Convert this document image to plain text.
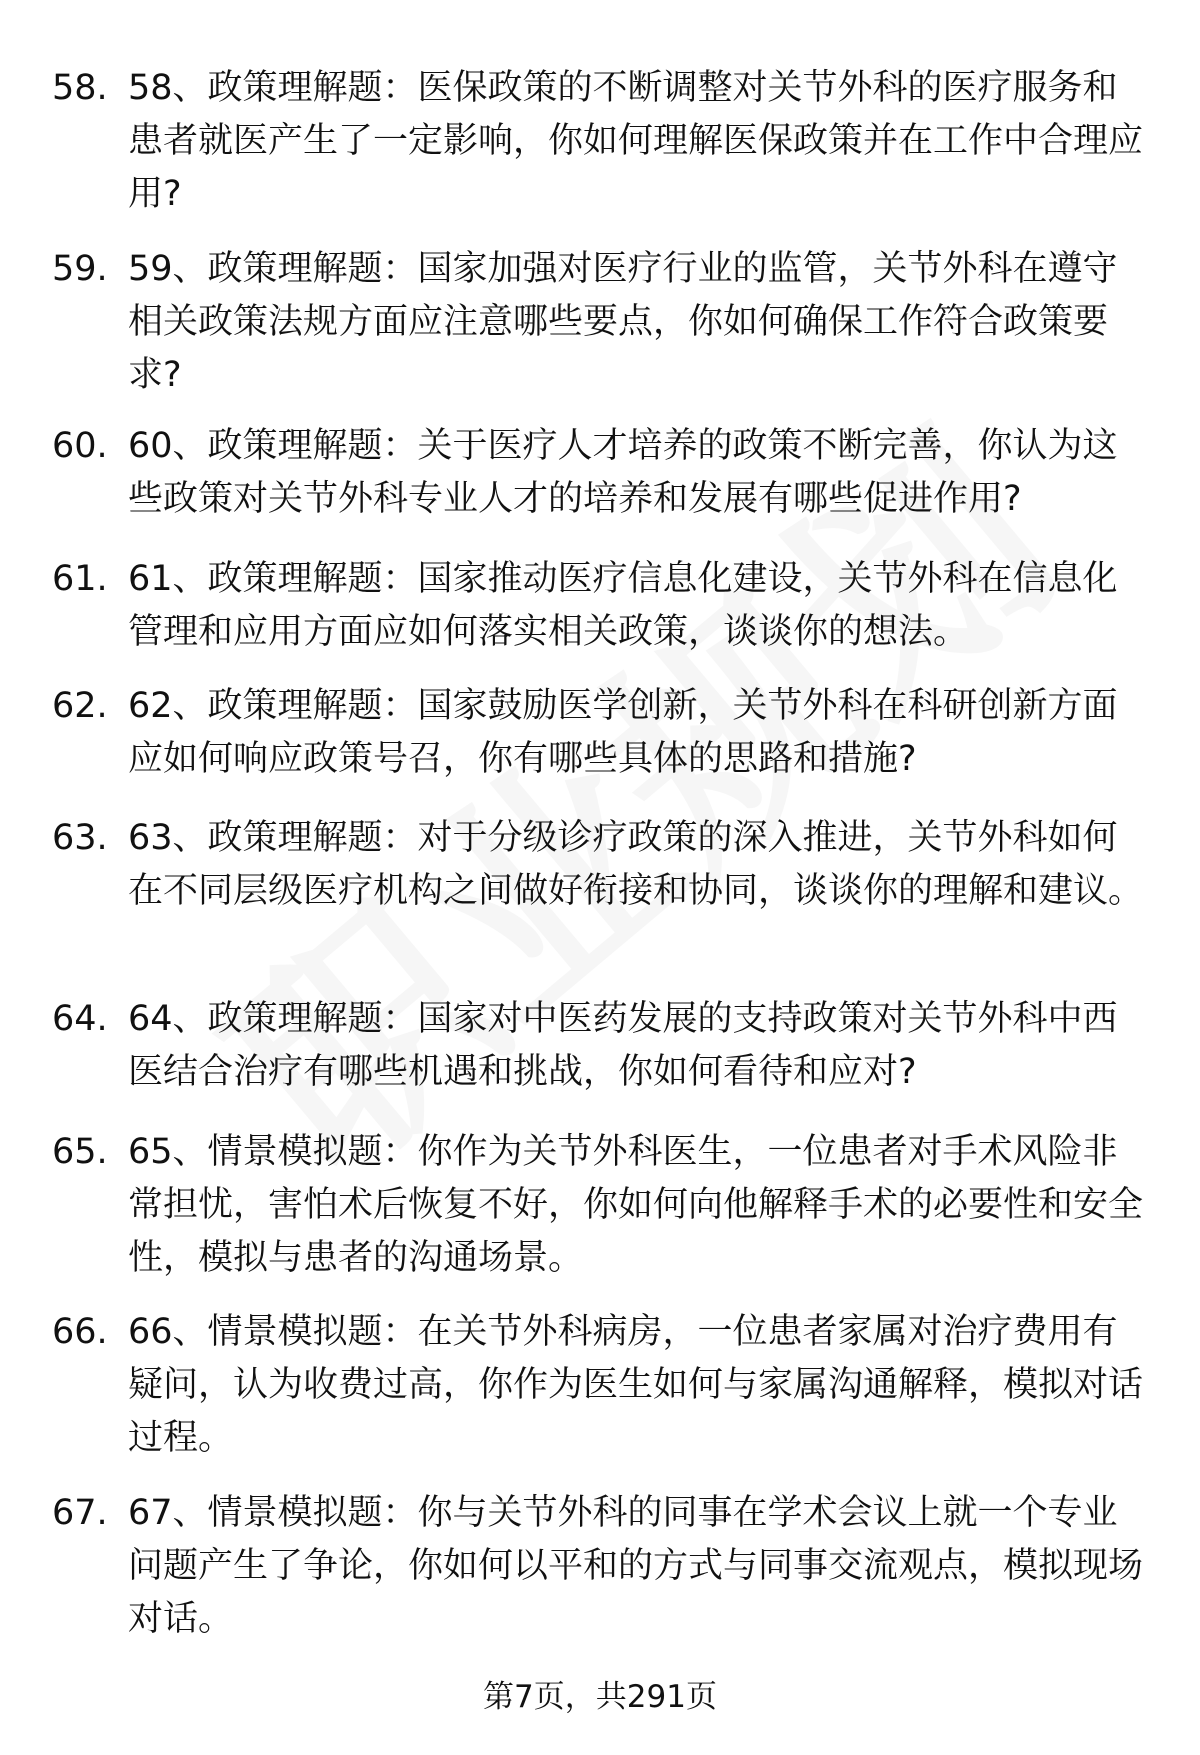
58. 58、政策理解题：医保政策的不断调整对关节外科的医疗服务和患者就医产生了一定影响，你如何理解医保政策并在工作中合理应用?
59. 59、政策理解题：国家加强对医疗行业的监管，关节外科在遵守相关政策法规方面应注意哪些要点，你如何确保工作符合政策要求?
60. 60、政策理解题：关于医疗人才培养的政策不断完善，你认为这些政策对关节外科专业人才的培养和发展有哪些促进作用?
61. 61、政策理解题：国家推动医疗信息化建设，关节外科在信息化管理和应用方面应如何落实相关政策，谈谈你的想法。
62. 62、政策理解题：国家鼓励医学创新，关节外科在科研创新方面应如何响应政策号召，你有哪些具体的思路和措施?
63. 63、政策理解题：对于分级诊疗政策的深入推进，关节外科如何在不同层级医疗机构之间做好衔接和协同，谈谈你的理解和建议。
64. 64、政策理解题：国家对中医药发展的支持政策对关节外科中西医结合治疗有哪些机遇和挑战，你如何看待和应对?
65. 65、情景模拟题：你作为关节外科医生，一位患者对手术风险非常担忧，害怕术后恢复不好，你如何向他解释手术的必要性和安全性，模拟与患者的沟通场景。
66. 66、情景模拟题：在关节外科病房，一位患者家属对治疗费用有疑问，认为收费过高，你作为医生如何与家属沟通解释，模拟对话过程。
67. 67、情景模拟题：你与关节外科的同事在学术会议上就一个专业问题产生了争论，你如何以平和的方式与同事交流观点，模拟现场对话。
第7页，共291页
